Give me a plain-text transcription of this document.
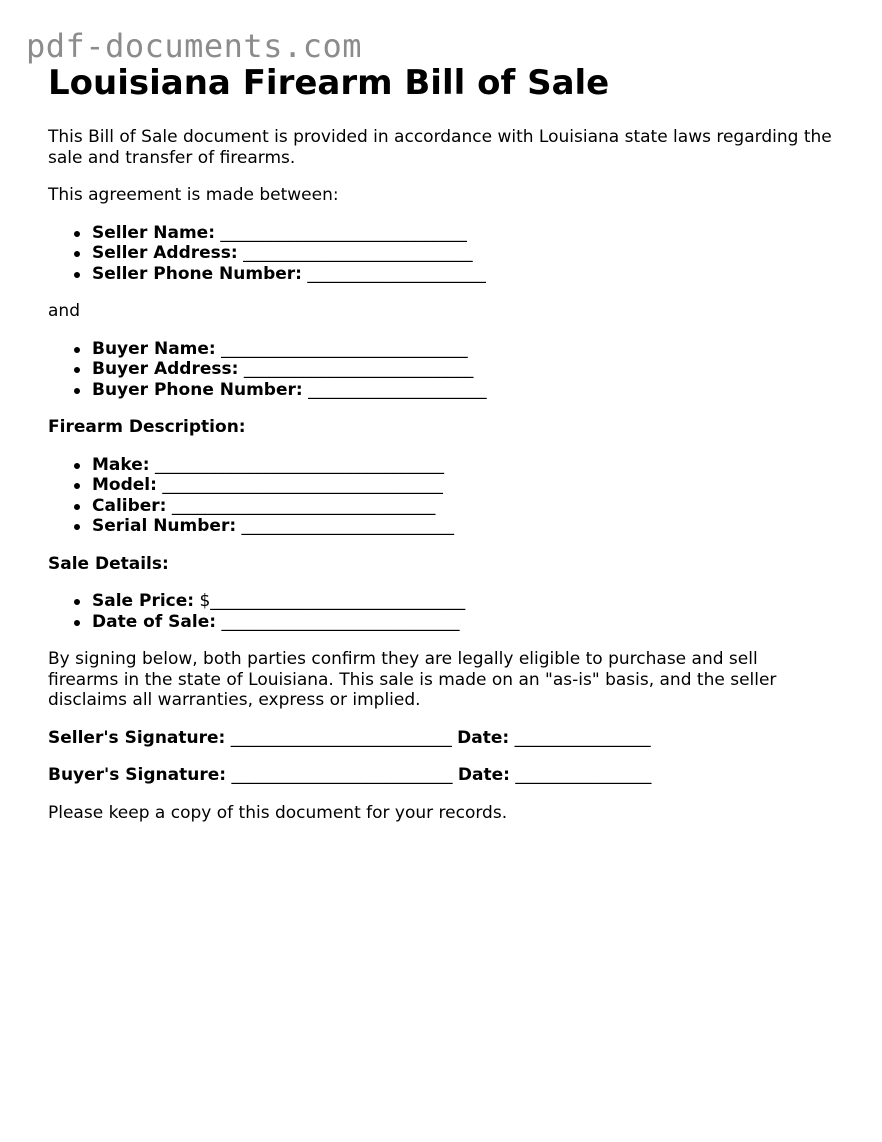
pdf-documents.com
Louisiana Firearm Bill of Sale

This Bill of Sale document is provided in accordance with Louisiana state laws regarding the sale and transfer of firearms.

This agreement is made between:

Seller Name: _____________________________
Seller Address: ___________________________
Seller Phone Number: _____________________

and

Buyer Name: _____________________________
Buyer Address: ___________________________
Buyer Phone Number: _____________________

Firearm Description:

Make: __________________________________
Model: _________________________________
Caliber: _______________________________
Serial Number: _________________________

Sale Details:

Sale Price: $______________________________
Date of Sale: ____________________________

By signing below, both parties confirm they are legally eligible to purchase and sell firearms in the state of Louisiana. This sale is made on an "as-is" basis, and the seller disclaims all warranties, express or implied.

Seller's Signature: __________________________ Date: ________________

Buyer's Signature: __________________________ Date: ________________

Please keep a copy of this document for your records.
